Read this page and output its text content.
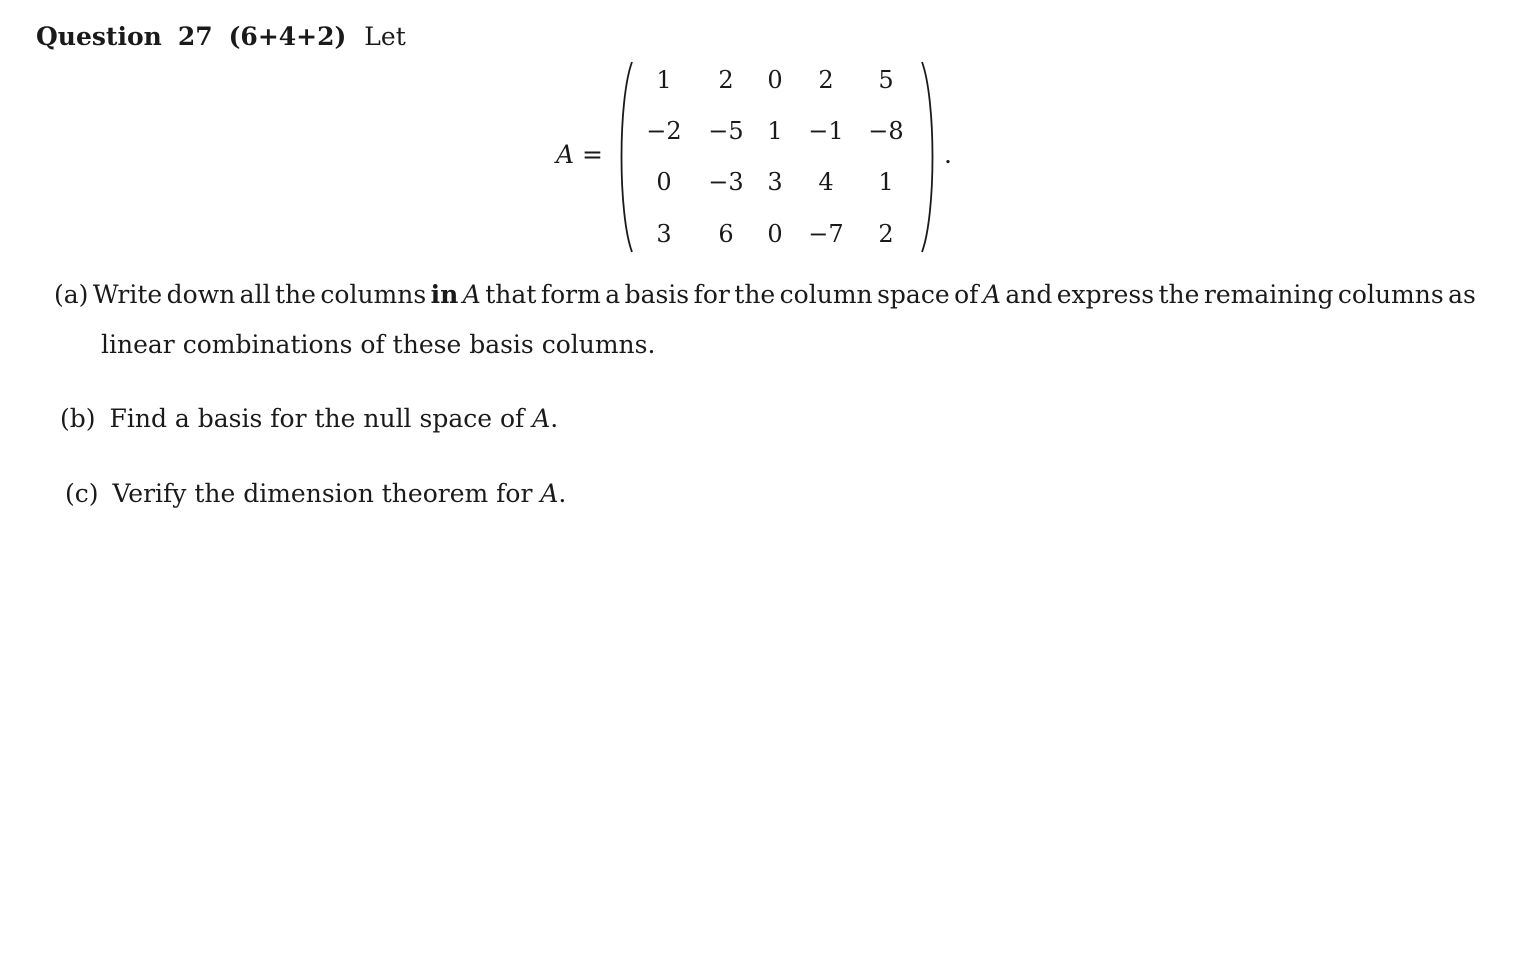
Question 27 (6+4+2) Let
A =
1 2 0 2 5
−2 −5 1 −1 −8
0 −3 3 4 1
3 6 0 −7 2
.
(a) Write down all the columns in A that form a basis for the column space of A and express the remaining columns as
linear combinations of these basis columns.
(b) Find a basis for the null space of A.
(c) Verify the dimension theorem for A.
